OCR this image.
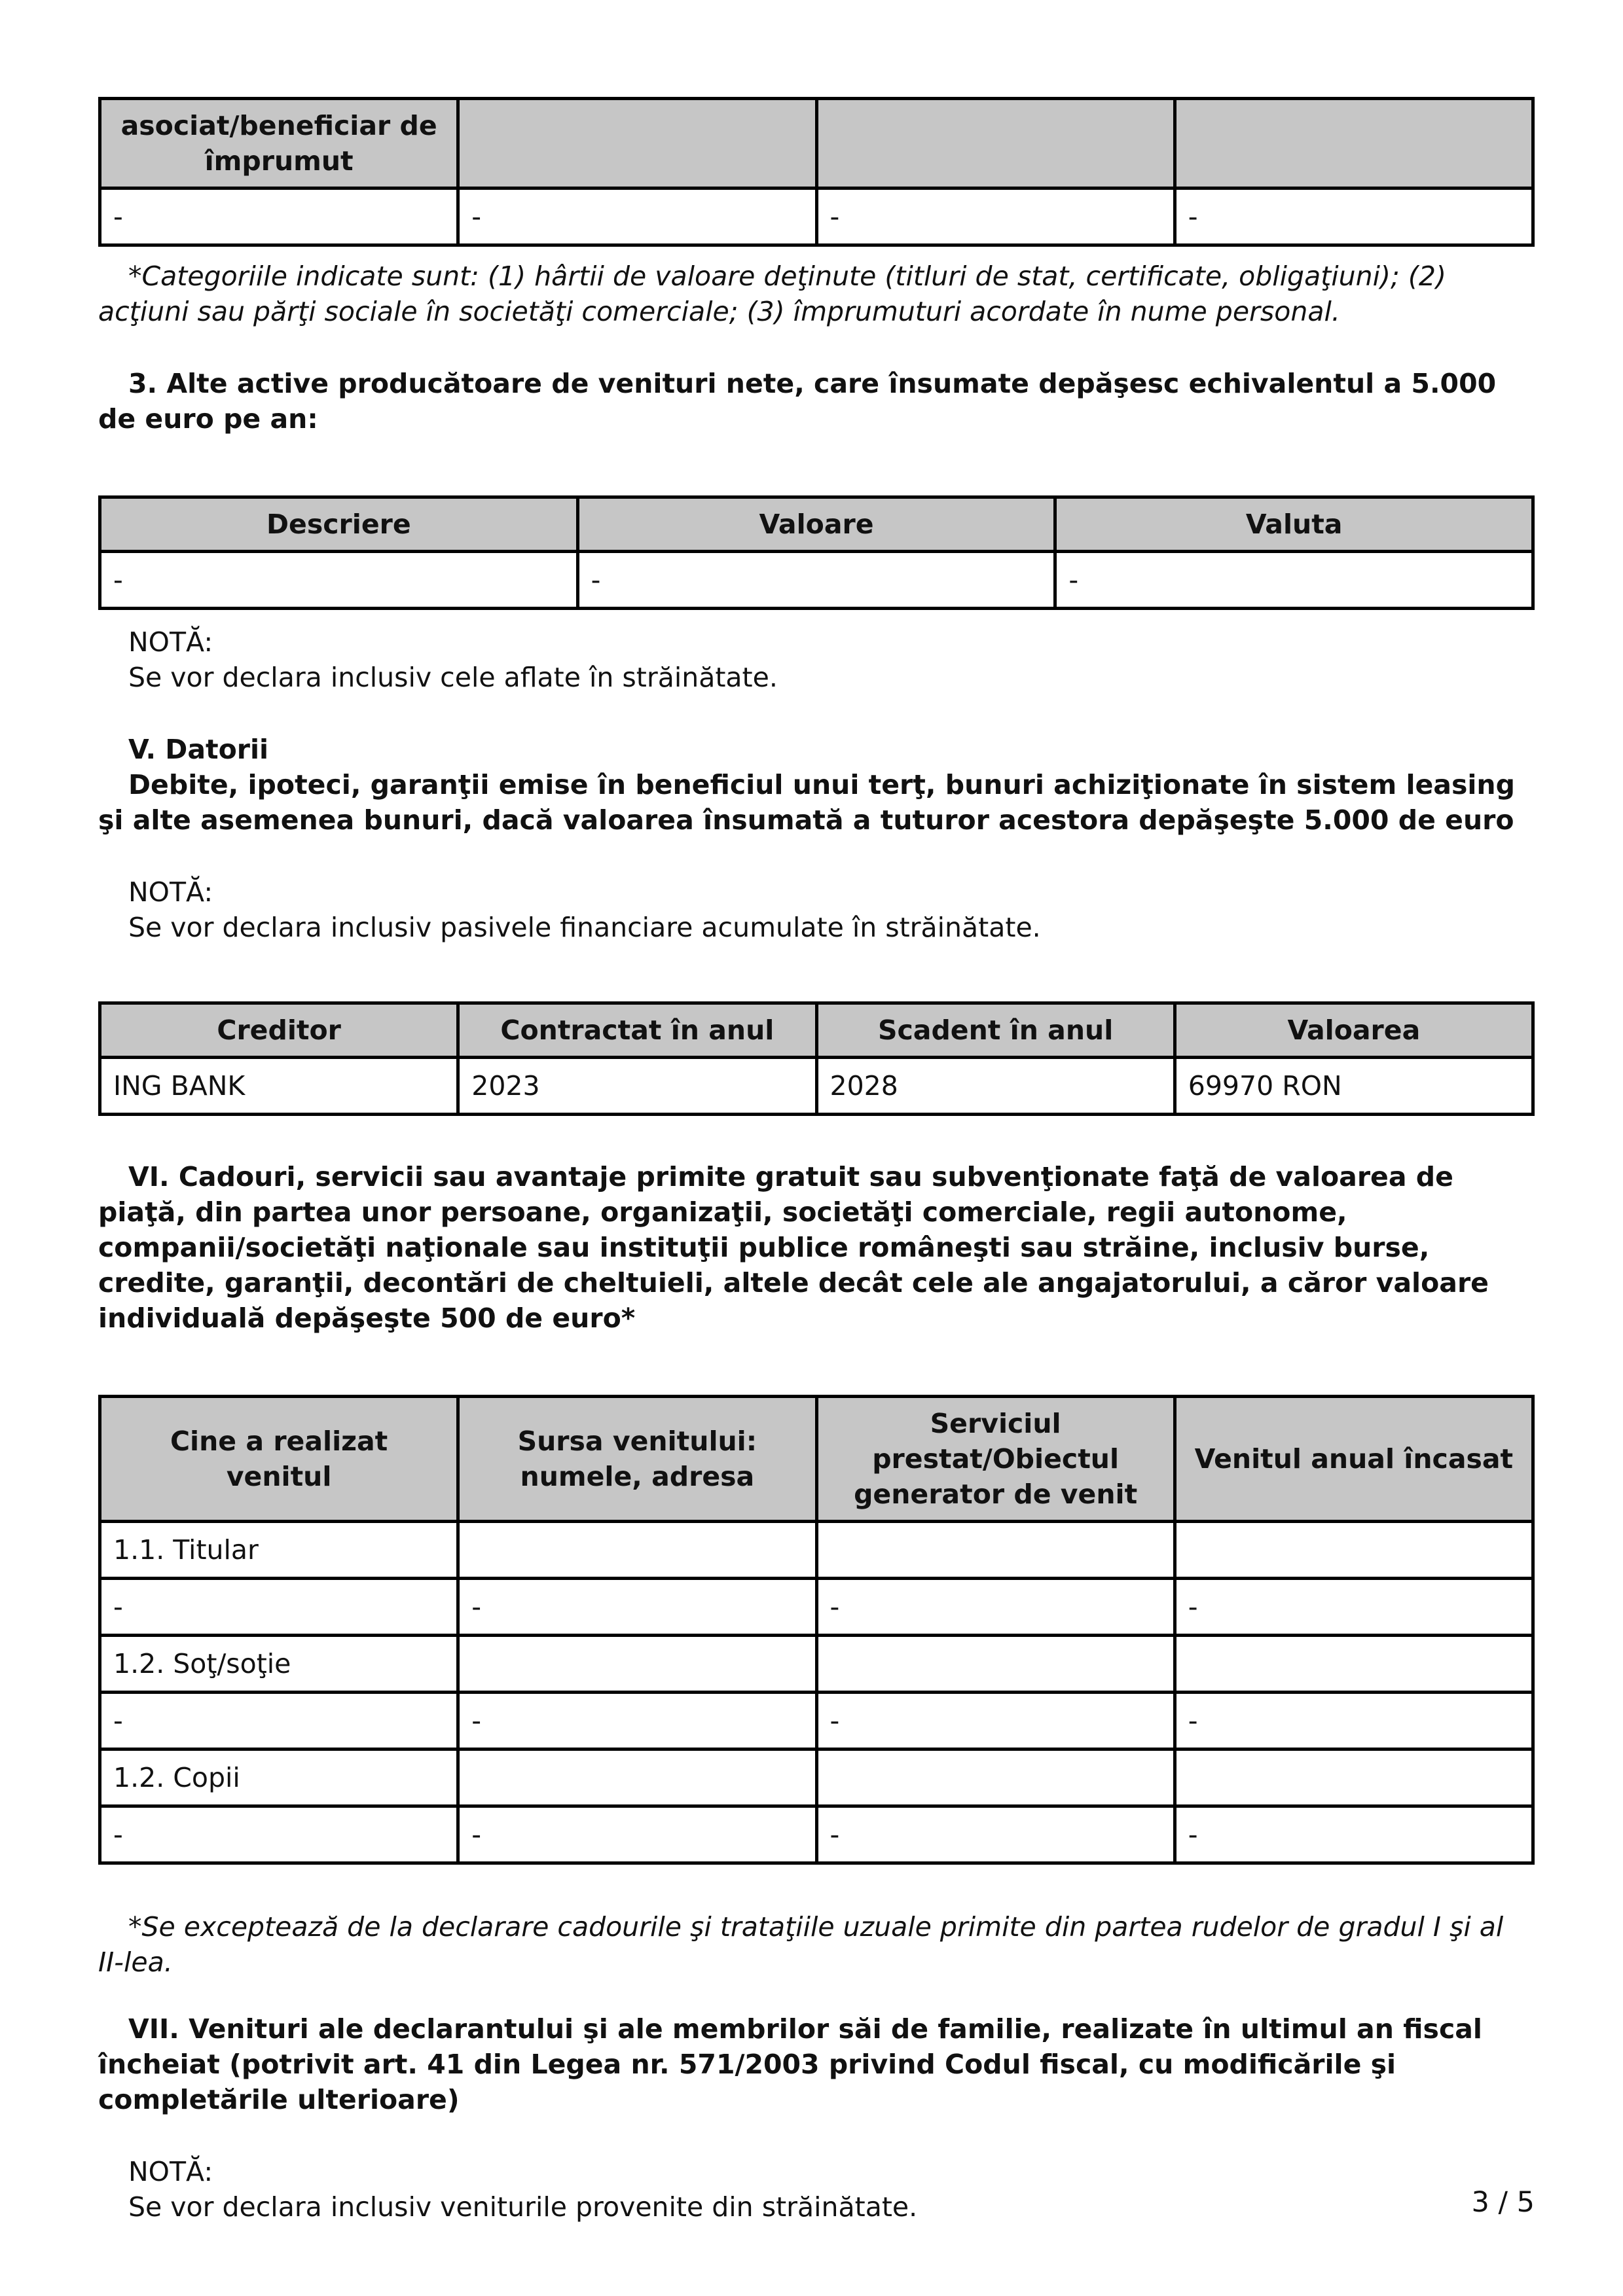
asociat/beneficiar de împrumut			
-	-	-	-

*Categoriile indicate sunt: (1) hârtii de valoare deţinute (titluri de stat, certificate, obligaţiuni); (2) acţiuni sau părţi sociale în societăţi comerciale; (3) împrumuturi acordate în nume personal.

3. Alte active producătoare de venituri nete, care însumate depăşesc echivalentul a 5.000 de euro pe an:

Descriere	Valoare	Valuta
-	-	-

NOTĂ:

Se vor declara inclusiv cele aflate în străinătate.

V. Datorii

Debite, ipoteci, garanţii emise în beneficiul unui terţ, bunuri achiziţionate în sistem leasing şi alte asemenea bunuri, dacă valoarea însumată a tuturor acestora depăşeşte 5.000 de euro

NOTĂ:

Se vor declara inclusiv pasivele financiare acumulate în străinătate.

Creditor	Contractat în anul	Scadent în anul	Valoarea
ING BANK	2023	2028	69970 RON

VI. Cadouri, servicii sau avantaje primite gratuit sau subvenţionate faţă de valoarea de piaţă, din partea unor persoane, organizaţii, societăţi comerciale, regii autonome, companii/societăţi naţionale sau instituţii publice româneşti sau străine, inclusiv burse, credite, garanţii, decontări de cheltuieli, altele decât cele ale angajatorului, a căror valoare individuală depăşeşte 500 de euro*

Cine a realizat venitul	Sursa venitului: numele, adresa	Serviciul prestat/Obiectul generator de venit	Venitul anual încasat
1.1. Titular			
-	-	-	-
1.2. Soţ/soţie			
-	-	-	-
1.2. Copii			
-	-	-	-

*Se exceptează de la declarare cadourile şi trataţiile uzuale primite din partea rudelor de gradul I şi al II-lea.

VII. Venituri ale declarantului şi ale membrilor săi de familie, realizate în ultimul an fiscal încheiat (potrivit art. 41 din Legea nr. 571/2003 privind Codul fiscal, cu modificările şi completările ulterioare)

NOTĂ:

Se vor declara inclusiv veniturile provenite din străinătate.	3 / 5
